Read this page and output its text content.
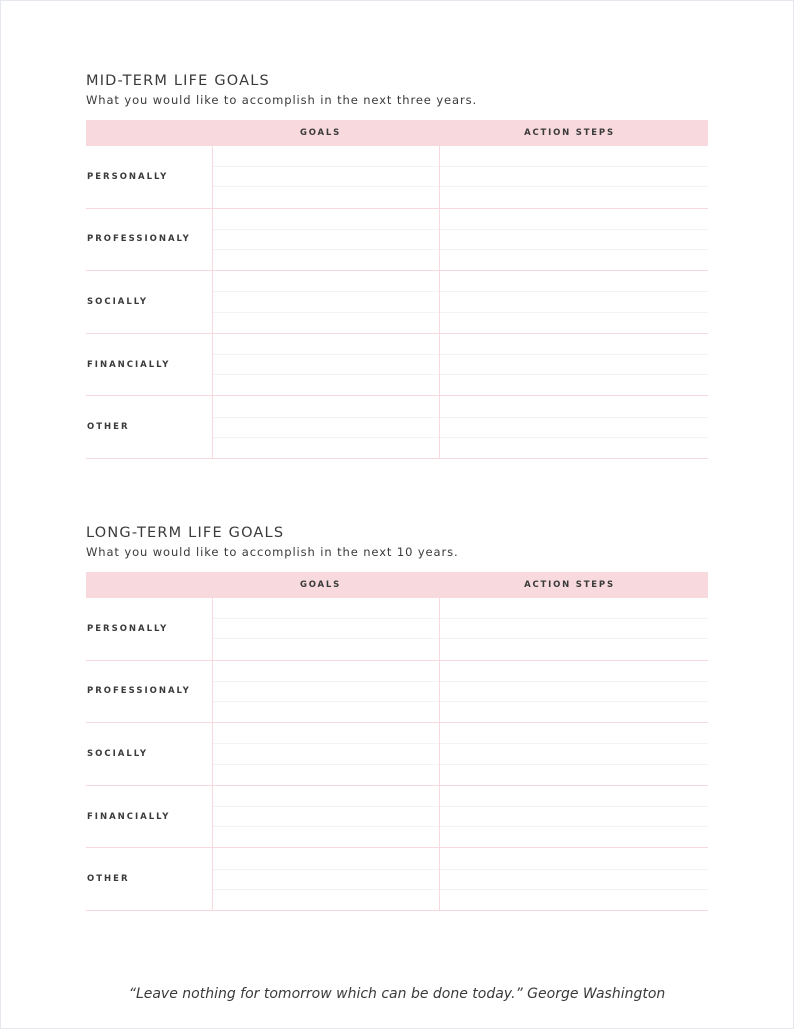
MID-TERM LIFE GOALS
What you would like to accomplish in the next three years.
GOALS	ACTION STEPS
PERSONALLY
PROFESSIONALY
SOCIALLY
FINANCIALLY
OTHER
LONG-TERM LIFE GOALS
What you would like to accomplish in the next 10 years.
GOALS	ACTION STEPS
PERSONALLY
PROFESSIONALY
SOCIALLY
FINANCIALLY
OTHER
“Leave nothing for tomorrow which can be done today.” George Washington
